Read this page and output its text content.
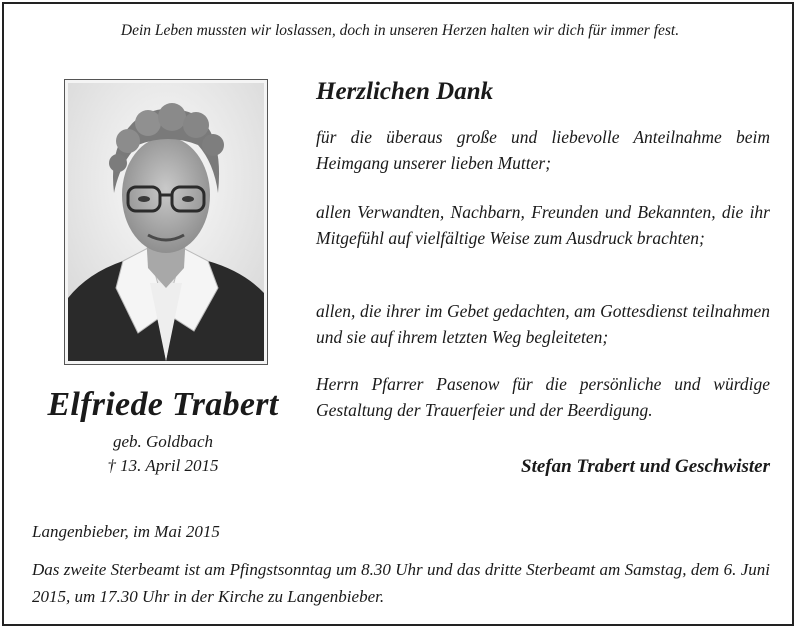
Dein Leben mussten wir loslassen, doch in unseren Herzen halten wir dich für immer fest.
Elfriede Trabert
geb. Goldbach
† 13. April 2015
Herzlichen Dank
für die überaus große und liebevolle Anteilnahme beim Heimgang unserer lieben Mutter;
allen Verwandten, Nachbarn, Freunden und Bekannten, die ihr Mitgefühl auf vielfältige Weise zum Ausdruck brachten;
allen, die ihrer im Gebet gedachten, am Gottesdienst teilnahmen und sie auf ihrem letzten Weg begleiteten;
Herrn Pfarrer Pasenow für die persönliche und würdige Gestaltung der Trauerfeier und der Beerdigung.
Stefan Trabert und Geschwister
Langenbieber, im Mai 2015
Das zweite Sterbeamt ist am Pfingstsonntag um 8.30 Uhr und das dritte Sterbeamt am Samstag, dem 6. Juni 2015, um 17.30 Uhr in der Kirche zu Langenbieber.
